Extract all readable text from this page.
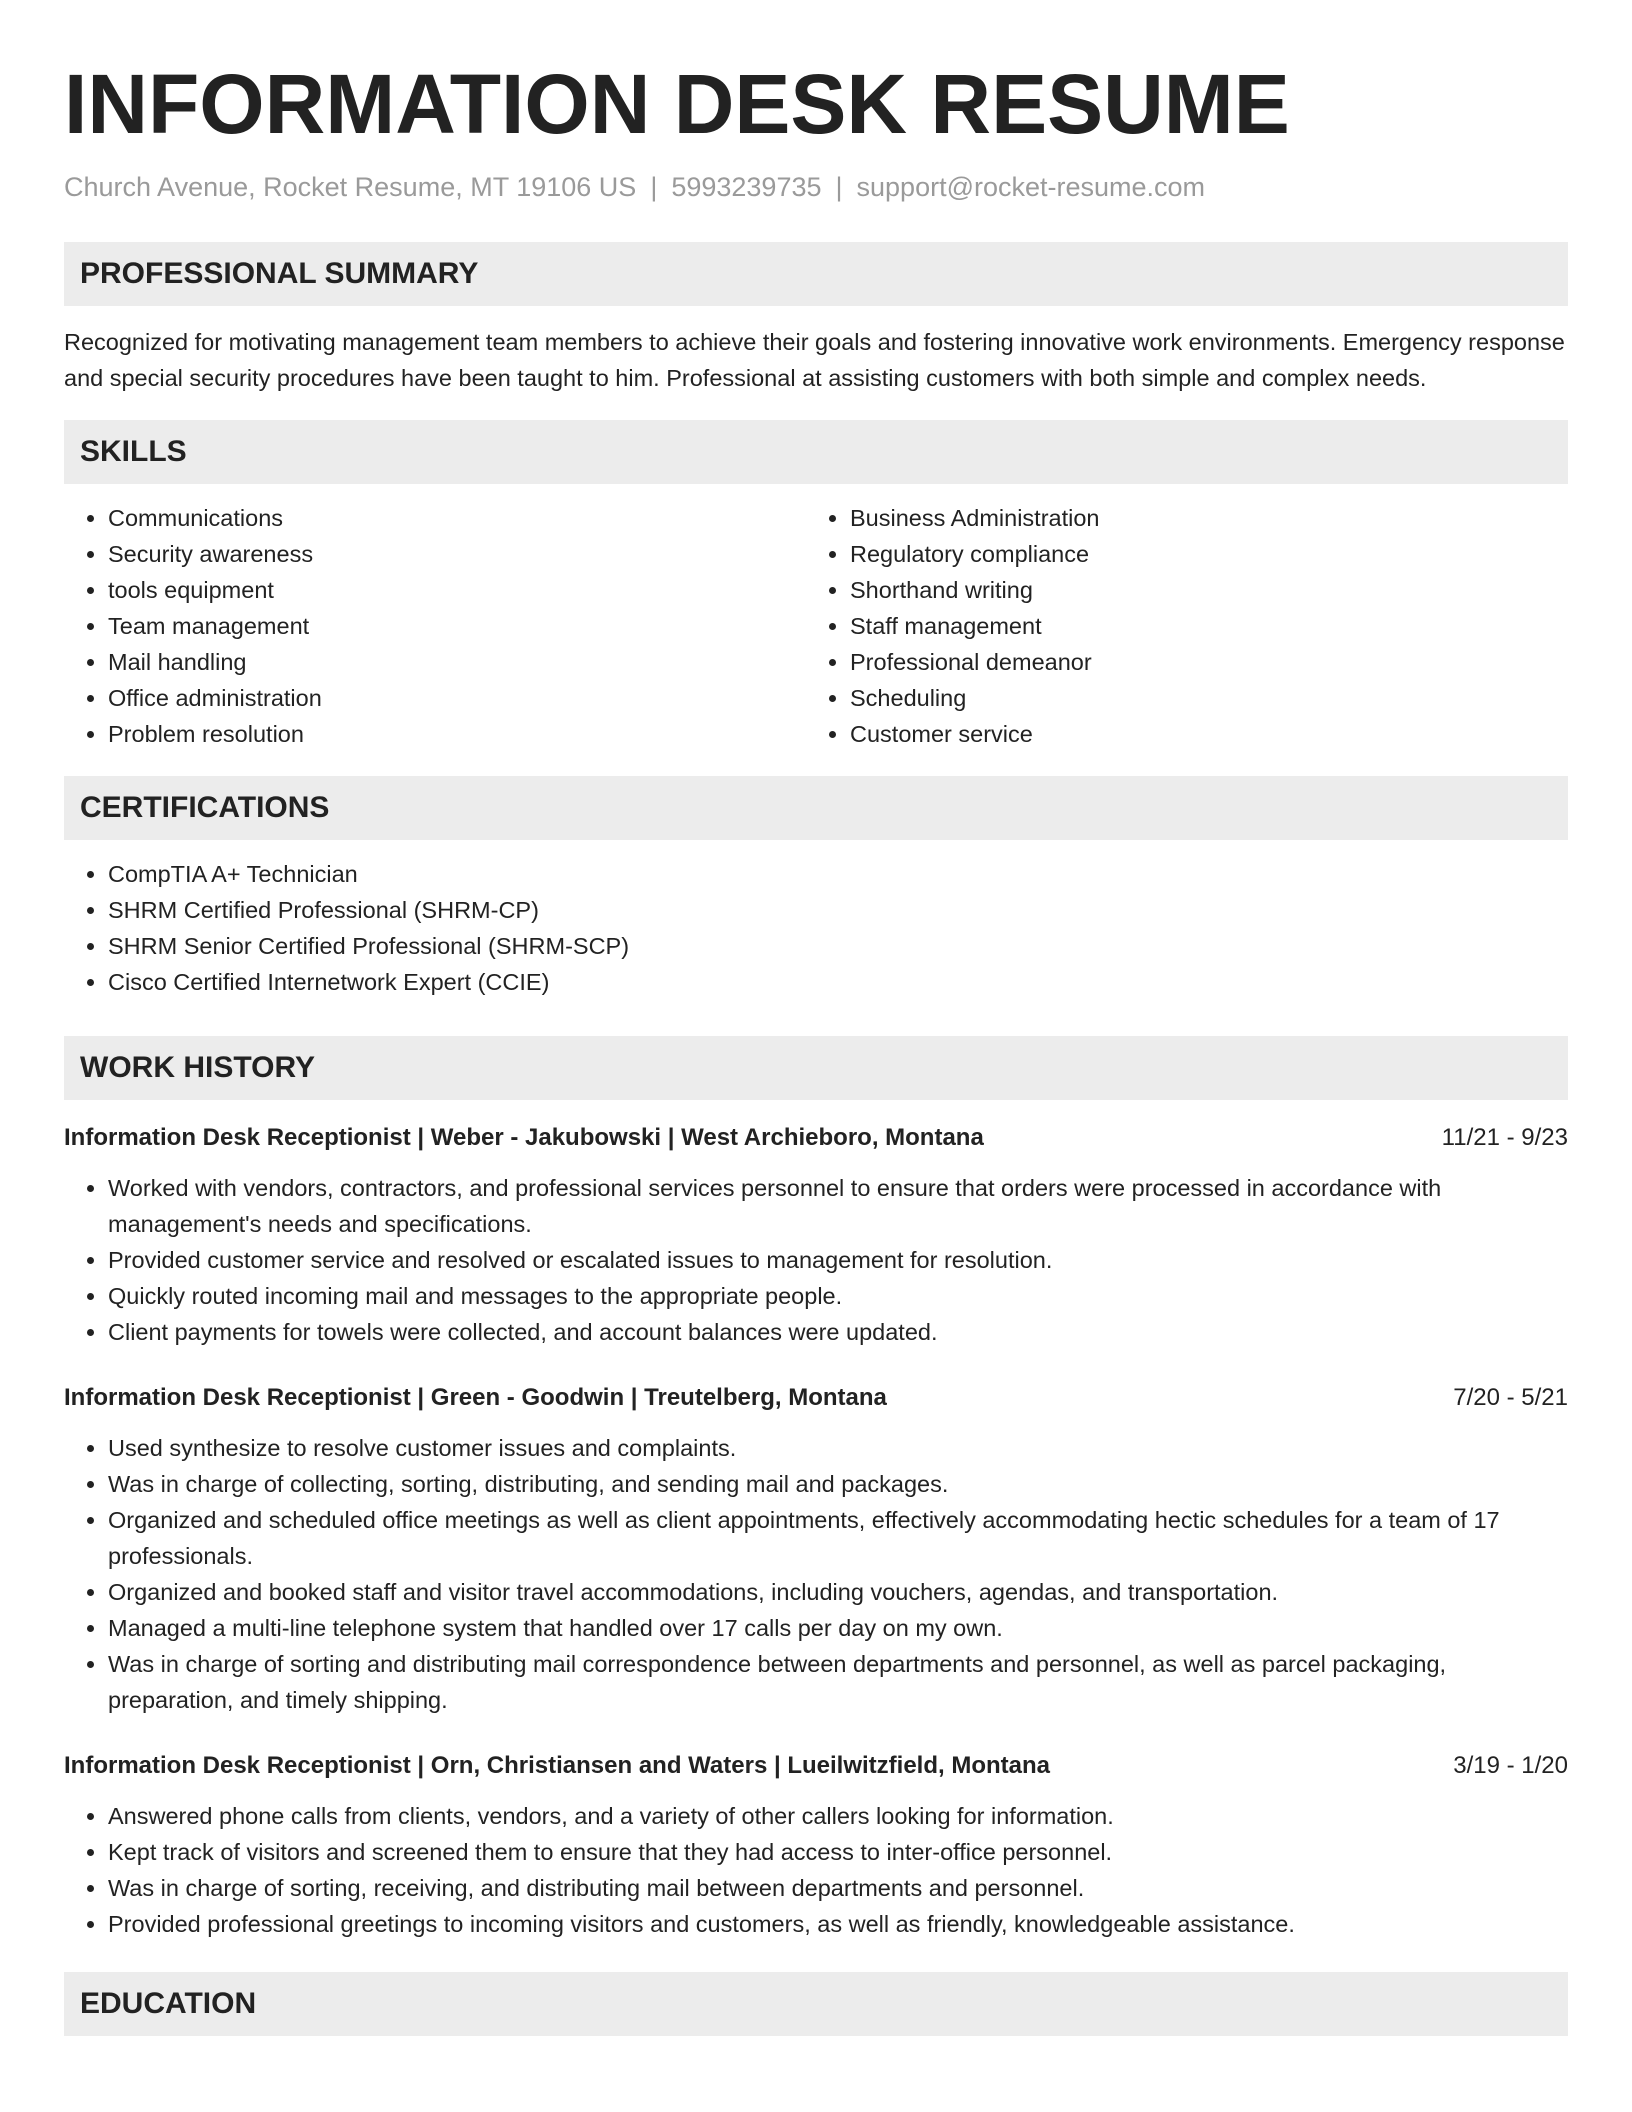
INFORMATION DESK RESUME
Church Avenue, Rocket Resume, MT 19106 US | 5993239735 | support@rocket-resume.com
PROFESSIONAL SUMMARY

Recognized for motivating management team members to achieve their goals and fostering innovative work environments. Emergency response and special security procedures have been taught to him. Professional at assisting customers with both simple and complex needs.

SKILLS
• Communications
• Security awareness
• tools equipment
• Team management
• Mail handling
• Office administration
• Problem resolution
• Business Administration
• Regulatory compliance
• Shorthand writing
• Staff management
• Professional demeanor
• Scheduling
• Customer service
CERTIFICATIONS
• CompTIA A+ Technician
• SHRM Certified Professional (SHRM-CP)
• SHRM Senior Certified Professional (SHRM-SCP)
• Cisco Certified Internetwork Expert (CCIE)
WORK HISTORY
Information Desk Receptionist | Weber - Jakubowski | West Archieboro, Montana	11/21 - 9/23
• Worked with vendors, contractors, and professional services personnel to ensure that orders were processed in accordance with management's needs and specifications.
• Provided customer service and resolved or escalated issues to management for resolution.
• Quickly routed incoming mail and messages to the appropriate people.
• Client payments for towels were collected, and account balances were updated.
Information Desk Receptionist | Green - Goodwin | Treutelberg, Montana	7/20 - 5/21
• Used synthesize to resolve customer issues and complaints.
• Was in charge of collecting, sorting, distributing, and sending mail and packages.
• Organized and scheduled office meetings as well as client appointments, effectively accommodating hectic schedules for a team of 17 professionals.
• Organized and booked staff and visitor travel accommodations, including vouchers, agendas, and transportation.
• Managed a multi-line telephone system that handled over 17 calls per day on my own.
• Was in charge of sorting and distributing mail correspondence between departments and personnel, as well as parcel packaging, preparation, and timely shipping.
Information Desk Receptionist | Orn, Christiansen and Waters | Lueilwitzfield, Montana	3/19 - 1/20
• Answered phone calls from clients, vendors, and a variety of other callers looking for information.
• Kept track of visitors and screened them to ensure that they had access to inter-office personnel.
• Was in charge of sorting, receiving, and distributing mail between departments and personnel.
• Provided professional greetings to incoming visitors and customers, as well as friendly, knowledgeable assistance.
EDUCATION
